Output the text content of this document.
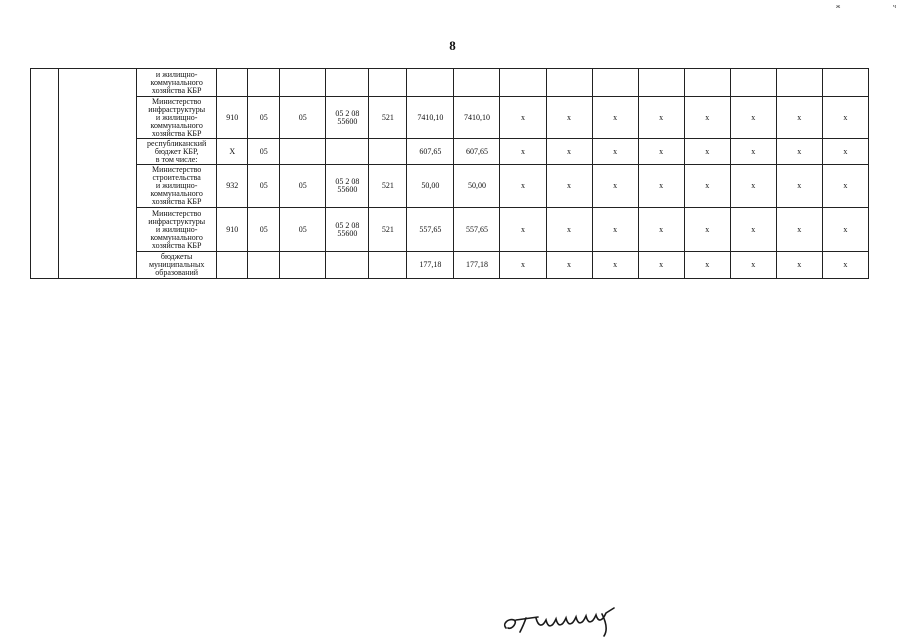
ж	ч
8
		и жилищно-
коммунального
хозяйства КБР															
		Министерство
инфраструктуры
и жилищно-
коммунального
хозяйства КБР	910	05	05	05 2 08
55600	521	7410,10	7410,10	х	х	х	х	х	х	х	х
		республиканский
бюджет КБР,
в том числе:	Х	05				607,65	607,65	х	х	х	х	х	х	х	х
		Министерство
строительства
и жилищно-
коммунального
хозяйства КБР	932	05	05	05 2 08
55600	521	50,00	50,00	х	х	х	х	х	х	х	х
		Министерство
инфраструктуры
и жилищно-
коммунального
хозяйства КБР	910	05	05	05 2 08
55600	521	557,65	557,65	х	х	х	х	х	х	х	х
		бюджеты
муниципальных
образований						177,18	177,18	х	х	х	х	х	х	х	х
